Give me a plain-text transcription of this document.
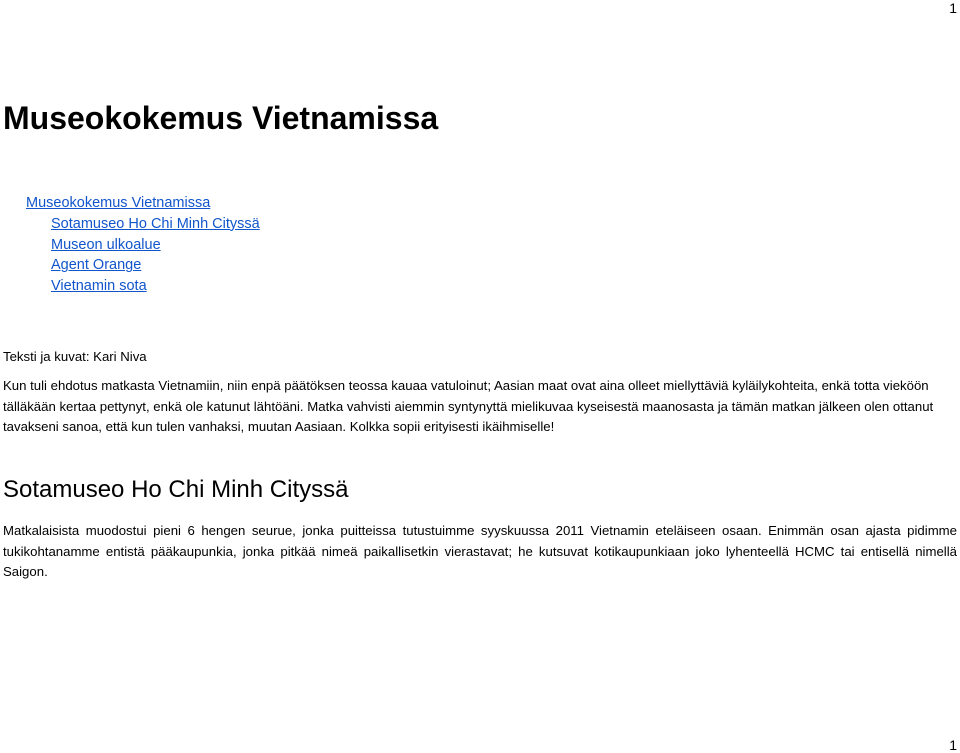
1
Museokokemus Vietnamissa
Museokokemus Vietnamissa
Sotamuseo Ho Chi Minh Cityssä
Museon ulkoalue
Agent Orange
Vietnamin sota
Teksti ja kuvat: Kari Niva

Kun tuli ehdotus matkasta Vietnamiin, niin enpä päätöksen teossa kauaa vatuloinut; Aasian maat ovat aina olleet miellyttäviä kyläilykohteita, enkä totta vieköön tälläkään kertaa pettynyt, enkä ole katunut lähtöäni. Matka vahvisti aiemmin syntynyttä mielikuvaa kyseisestä maanosasta ja tämän matkan jälkeen olen ottanut tavakseni sanoa, että kun tulen vanhaksi, muutan Aasiaan. Kolkka sopii erityisesti ikäihmiselle!

Sotamuseo Ho Chi Minh Cityssä

Matkalaisista muodostui pieni 6 hengen seurue, jonka puitteissa tutustuimme syyskuussa 2011 Vietnamin eteläiseen osaan. Enimmän osan ajasta pidimme tukikohtanamme entistä pääkaupunkia, jonka pitkää nimeä paikallisetkin vierastavat; he kutsuvat kotikaupunkiaan joko lyhenteellä HCMC tai entisellä nimellä Saigon.

1
